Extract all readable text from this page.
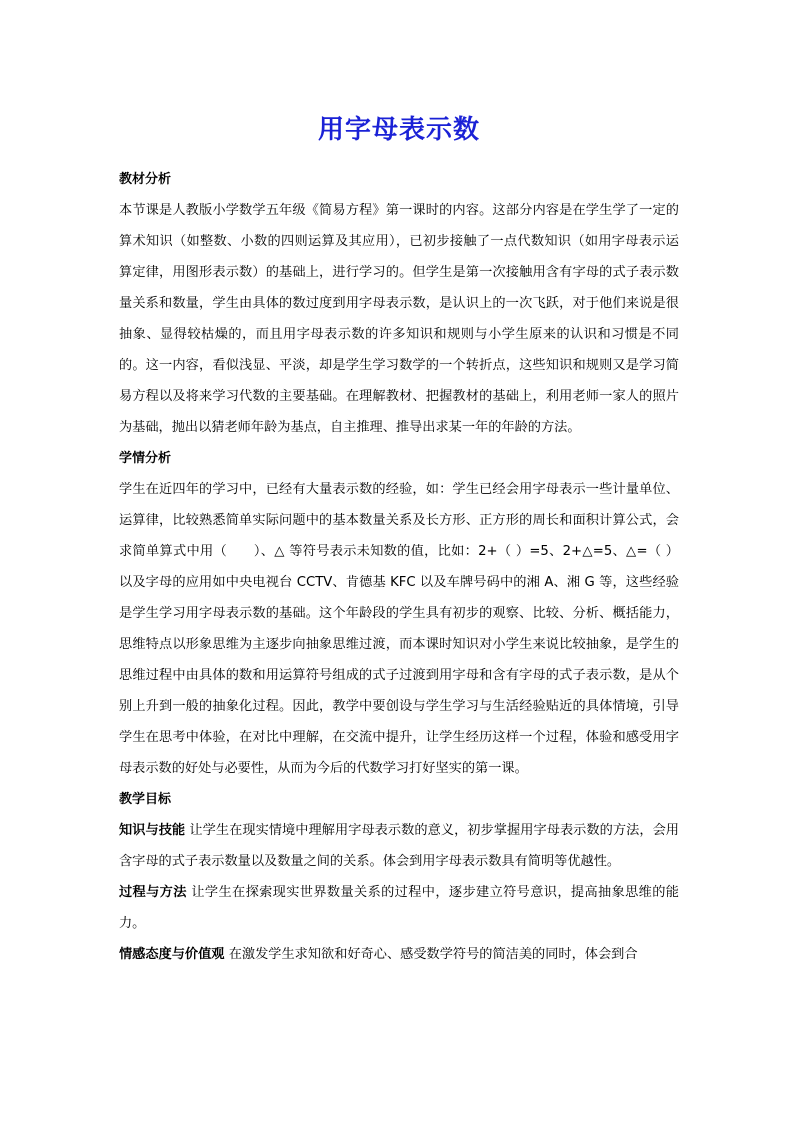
用字母表示数

教材分析

本节课是人教版小学数学五年级《简易方程》第一课时的内容。这部分内容是在学生学了一定的算术知识（如整数、小数的四则运算及其应用），已初步接触了一点代数知识（如用字母表示运算定律，用图形表示数）的基础上，进行学习的。但学生是第一次接触用含有字母的式子表示数量关系和数量，学生由具体的数过度到用字母表示数，是认识上的一次飞跃，对于他们来说是很抽象、显得较枯燥的，而且用字母表示数的许多知识和规则与小学生原来的认识和习惯是不同的。这一内容，看似浅显、平淡，却是学生学习数学的一个转折点，这些知识和规则又是学习简易方程以及将来学习代数的主要基础。在理解教材、把握教材的基础上，利用老师一家人的照片为基础，抛出以猜老师年龄为基点，自主推理、推导出求某一年的年龄的方法。

学情分析

学生在近四年的学习中，已经有大量表示数的经验，如：学生已经会用字母表示一些计量单位、运算律，比较熟悉简单实际问题中的基本数量关系及长方形、正方形的周长和面积计算公式，会求简单算式中用（　　）、△ 等符号表示未知数的值，比如：2+（ ）=5、2+△=5、△=（ ）以及字母的应用如中央电视台 CCTV、肯德基 KFC 以及车牌号码中的湘 A、湘 G 等，这些经验是学生学习用字母表示数的基础。这个年龄段的学生具有初步的观察、比较、分析、概括能力，思维特点以形象思维为主逐步向抽象思维过渡，而本课时知识对小学生来说比较抽象，是学生的思维过程中由具体的数和用运算符号组成的式子过渡到用字母和含有字母的式子表示数，是从个别上升到一般的抽象化过程。因此，教学中要创设与学生学习与生活经验贴近的具体情境，引导学生在思考中体验，在对比中理解，在交流中提升，让学生经历这样一个过程，体验和感受用字母表示数的好处与必要性，从而为今后的代数学习打好坚实的第一课。

教学目标

知识与技能 让学生在现实情境中理解用字母表示数的意义，初步掌握用字母表示数的方法，会用含字母的式子表示数量以及数量之间的关系。体会到用字母表示数具有简明等优越性。

过程与方法 让学生在探索现实世界数量关系的过程中，逐步建立符号意识，提高抽象思维的能力。

情感态度与价值观 在激发学生求知欲和好奇心、感受数学符号的简洁美的同时，体会到合
